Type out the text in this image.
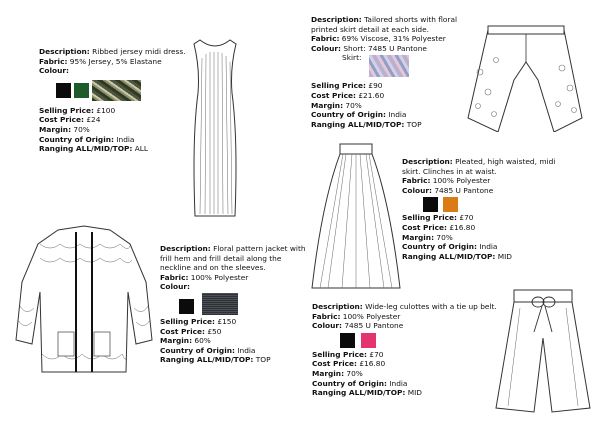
Description: Ribbed jersey midi dress.
Fabric: 95% Jersey, 5% Elastane
Colour:
Selling Price: £100
Cost Price: £24
Margin: 70%
Country of Origin: India
Ranging ALL/MID/TOP: ALL
Description: Floral pattern jacket with frill hem and frill detail along the neckline and on the sleeves.
Fabric: 100% Polyester
Colour:
Selling Price: £150
Cost Price: £50
Margin: 60%
Country of Origin: India
Ranging ALL/MID/TOP: TOP
Description: Tailored shorts with floral printed skirt detail at each side.
Fabric: 69% Viscose, 31% Polyester
Colour: Short: 7485 U Pantone
Skirt:
Selling Price: £90
Cost Price: £21.60
Margin: 70%
Country of Origin: India
Ranging ALL/MID/TOP: TOP
Description: Pleated, high waisted, midi skirt. Clinches in at waist.
Fabric: 100% Polyester
Colour: 7485 U Pantone
Selling Price: £70
Cost Price: £16.80
Margin: 70%
Country of Origin: India
Ranging ALL/MID/TOP: MID
Description: Wide-leg culottes with a tie up belt.
Fabric: 100% Polyester
Colour: 7485 U Pantone
Selling Price: £70
Cost Price: £16.80
Margin: 70%
Country of Origin: India
Ranging ALL/MID/TOP: MID
